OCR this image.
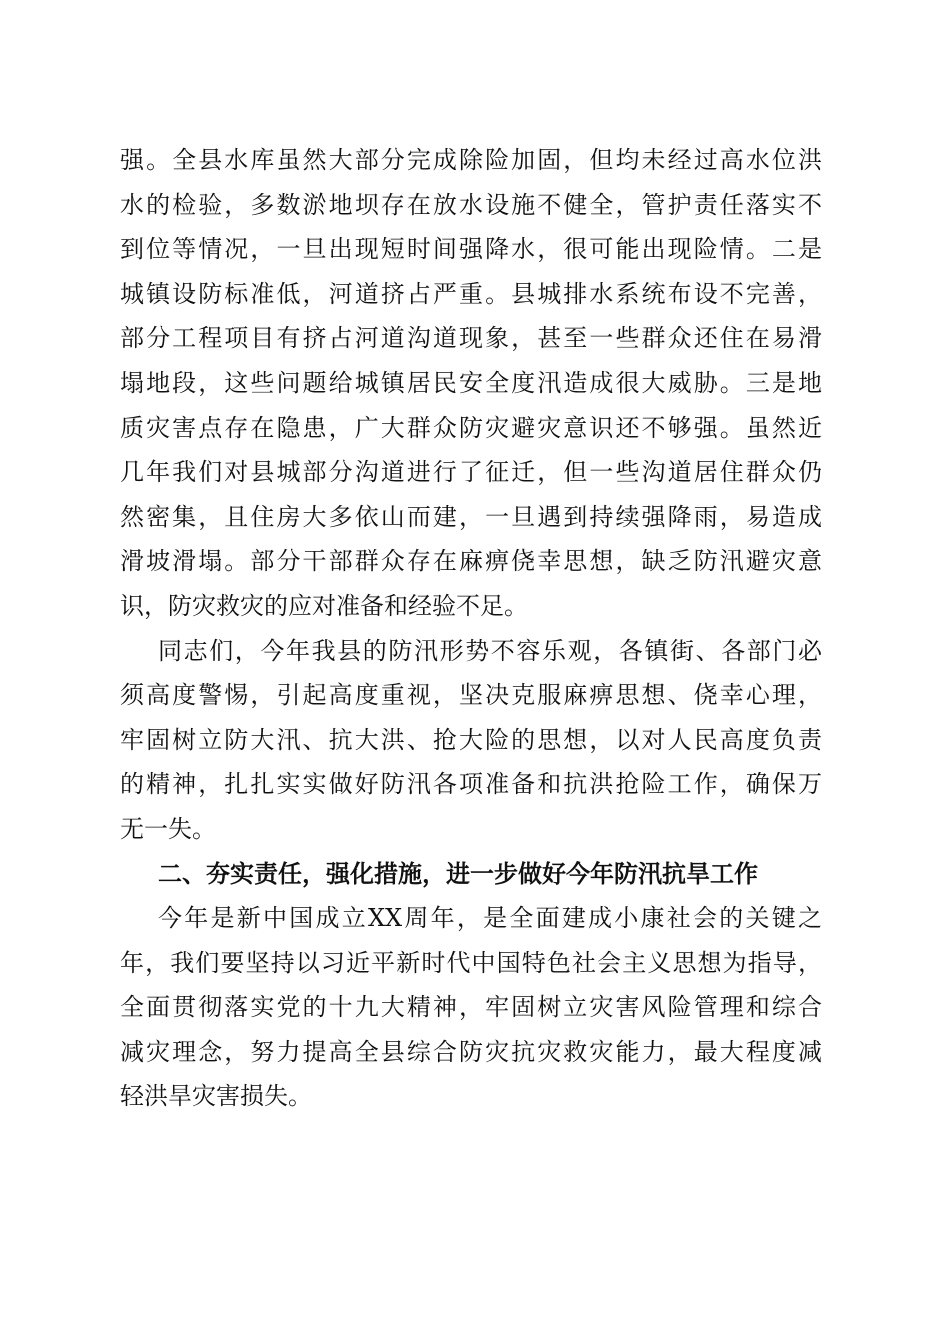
强。全县水库虽然大部分完成除险加固，但均未经过高水位洪
水的检验，多数淤地坝存在放水设施不健全，管护责任落实不
到位等情况，一旦出现短时间强降水，很可能出现险情。二是
城镇设防标准低，河道挤占严重。县城排水系统布设不完善，
部分工程项目有挤占河道沟道现象，甚至一些群众还住在易滑
塌地段，这些问题给城镇居民安全度汛造成很大威胁。三是地
质灾害点存在隐患，广大群众防灾避灾意识还不够强。虽然近
几年我们对县城部分沟道进行了征迁，但一些沟道居住群众仍
然密集，且住房大多依山而建，一旦遇到持续强降雨，易造成
滑坡滑塌。部分干部群众存在麻痹侥幸思想，缺乏防汛避灾意
识，防灾救灾的应对准备和经验不足。
同志们，今年我县的防汛形势不容乐观，各镇街、各部门必
须高度警惕，引起高度重视，坚决克服麻痹思想、侥幸心理，
牢固树立防大汛、抗大洪、抢大险的思想，以对人民高度负责
的精神，扎扎实实做好防汛各项准备和抗洪抢险工作，确保万
无一失。
二、夯实责任，强化措施，进一步做好今年防汛抗旱工作
今年是新中国成立XX周年，是全面建成小康社会的关键之
年，我们要坚持以习近平新时代中国特色社会主义思想为指导，
全面贯彻落实党的十九大精神，牢固树立灾害风险管理和综合
减灾理念，努力提高全县综合防灾抗灾救灾能力，最大程度减
轻洪旱灾害损失。
